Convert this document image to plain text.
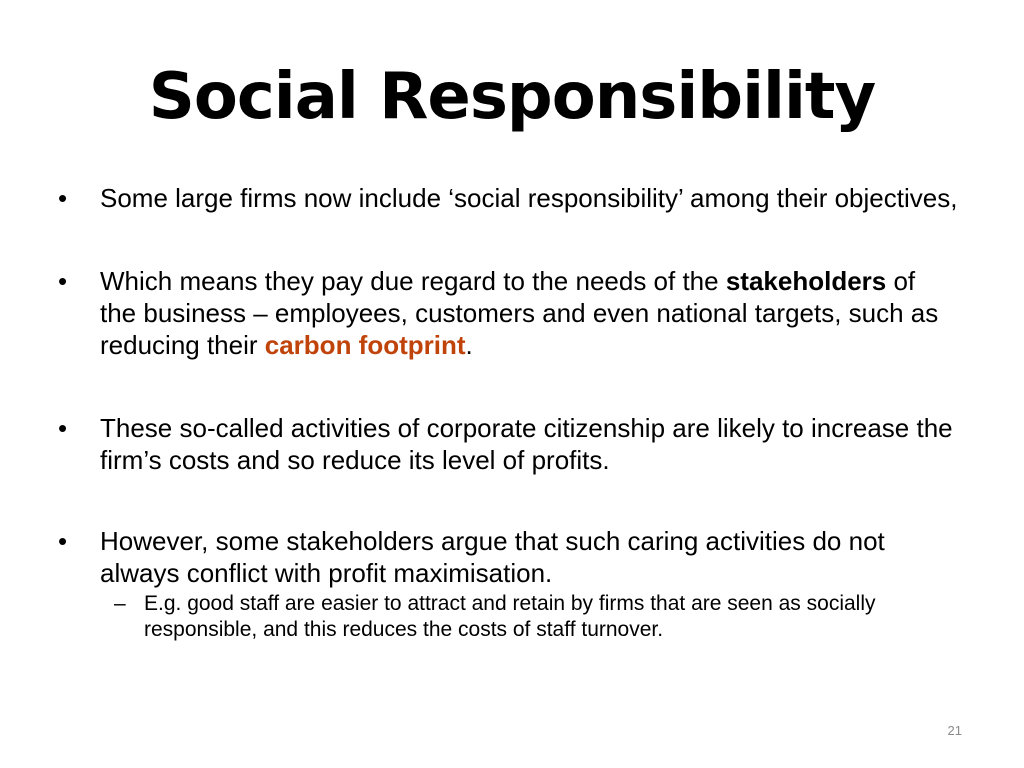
Social Responsibility
•	Some large firms now include ‘social responsibility’ among their objectives,
•	Which means they pay due regard to the needs of the stakeholders of the business – employees, customers and even national targets, such as reducing their carbon footprint.
•	These so-called activities of corporate citizenship are likely to increase the firm’s costs and so reduce its level of profits.
•	However, some stakeholders argue that such caring activities do not always conflict with profit maximisation.
– E.g. good staff are easier to attract and retain by firms that are seen as socially responsible, and this reduces the costs of staff turnover.
21
